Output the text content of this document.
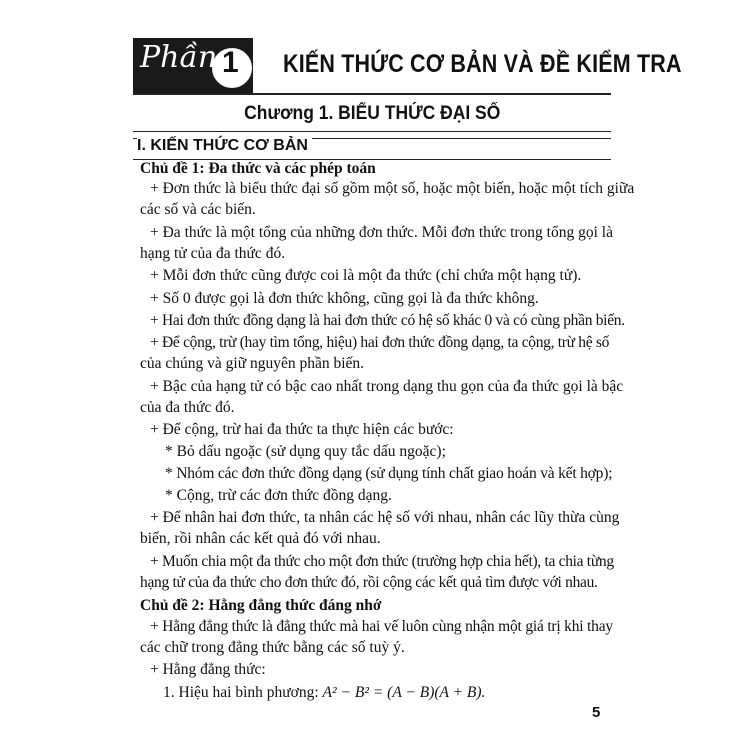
Phần 1 KIẾN THỨC CƠ BẢN VÀ ĐỀ KIỂM TRA
Chương 1. BIỂU THỨC ĐẠI SỐ
I. KIẾN THỨC CƠ BẢN
Chủ đề 1: Đa thức và các phép toán
+ Đơn thức là biểu thức đại số gồm một số, hoặc một biến, hoặc một tích giữa
các số và các biến.
+ Đa thức là một tổng của những đơn thức. Mỗi đơn thức trong tổng gọi là
hạng tử của đa thức đó.
+ Mỗi đơn thức cũng được coi là một đa thức (chỉ chứa một hạng tử).
+ Số 0 được gọi là đơn thức không, cũng gọi là đa thức không.
+ Hai đơn thức đồng dạng là hai đơn thức có hệ số khác 0 và có cùng phần biến.
+ Để cộng, trừ (hay tìm tổng, hiệu) hai đơn thức đồng dạng, ta cộng, trừ hệ số
của chúng và giữ nguyên phần biến.
+ Bậc của hạng tử có bậc cao nhất trong dạng thu gọn của đa thức gọi là bậc
của đa thức đó.
+ Để cộng, trừ hai đa thức ta thực hiện các bước:
* Bỏ dấu ngoặc (sử dụng quy tắc dấu ngoặc);
* Nhóm các đơn thức đồng dạng (sử dụng tính chất giao hoán và kết hợp);
* Cộng, trừ các đơn thức đồng dạng.
+ Để nhân hai đơn thức, ta nhân các hệ số với nhau, nhân các lũy thừa cùng
biến, rồi nhân các kết quả đó với nhau.
+ Muốn chia một đa thức cho một đơn thức (trường hợp chia hết), ta chia từng
hạng tử của đa thức cho đơn thức đó, rồi cộng các kết quả tìm được với nhau.
Chủ đề 2: Hằng đẳng thức đáng nhớ
+ Hằng đẳng thức là đẳng thức mà hai vế luôn cùng nhận một giá trị khi thay
các chữ trong đẳng thức bằng các số tuỳ ý.
+ Hằng đẳng thức:
1. Hiệu hai bình phương: A² − B² = (A − B)(A + B).
5
